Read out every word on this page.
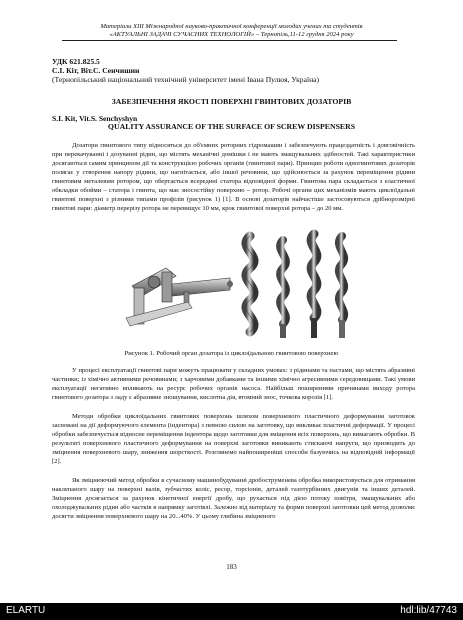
Матеріали XІІІ Міжнародної науково-практичної конференції молодих учених та студентів
«АКТУАЛЬНІ ЗАДАЧІ СУЧАСНИХ ТЕХНОЛОГІЙ» – Тернопіль,11-12 грудня 2024 року
УДК 621.825.5
С.І. Кіт, Віт.С. Сенчишин
(Тернопільський національний технічний університет імені Івана Пулюя, Україна)
ЗАБЕЗПЕЧЕННЯ ЯКОСТІ ПОВЕРХНІ ГВИНТОВИХ ДОЗАТОРІВ
S.I. Kit, Vit.S. Senchyshyn
QUALITY ASSURANCE OF THE SURFACE OF SCREW DISPENSERS

Дозатори гвинтового типу відносяться до об'ємних роторних гідромашин і забезпечують працездатність і довговічність при перекачуванні і дозуванні рідин, що містять механічні домішки і не мають змащувальних здібностей. Такі характеристики досягаються самим принципом дії та конструкцією робочих органів (гвинтової пари). Принцип роботи одногвинтових дозаторів полягає у створення напору рідини, що нагнітається, або іншої речовини, що здійснюється за рахунок переміщення рідини гвинтовим металевим ротором, що обертається всередині статора відповідної форми. Гвинтова пара складається з еластичної обкладки обойми – статора і гвинта, що має зносостійку поверхню – ротор. Робочі органи цих механізмів мають циклоїдальні гвинтові поверхні з різними типами профілів (рисунок 1) [1]. В основі дозаторів найчастіше застосовуються дрібнорозмірні гвинтові пари: діаметр перерізу ротора не перевищує 10 мм, крок гвинтової поверхні ротора – до 20 мм.

Рисунок 1. Робочий орган дозатора із циклоїдальною гвинтовою поверхнею

У процесі експлуатації гвинтові пари можуть працювати у складних умовах: з рідинами та пастами, що містять абразивні частинки; із хімічно активними речовинами; з харчовими добавками та іншими хімічно агресивними середовищами. Такі умови експлуатації негативно впливають на ресурс робочих органів насоса. Найбільш поширеними причинами виходу ротора гвинтового дозатора з ладу є абразивне зношування, кислотна дія, втомний знос, точкова корозія [1].

Методи обробки циклоїдальних гвинтових поверхонь шляхом поверхневого пластичного деформування заготовок засновані на дії деформуючого елемента (індентора) з певною силою на заготовку, що викликає пластичні деформації. У процесі обробки забезпечується відносне переміщення індентора щодо заготовки для зміщення всіх поверхонь, що вимагають обробки. В результаті поверхневого пластичного деформування на поверхні заготовки виникають стискаючі напруги, що призводить до зміцнення поверхневого шару, зниження шорсткості. Розглянемо найпоширеніші способи базуючись на відповідній інформації [2].

Як зміцнюючий метод обробки в сучасному машинобудуванні дробоструменева обробка використовується для отримання наклепаного шару на поверхні валів, зубчастих коліс, ресор, торсіонів, деталей газотурбінних двигунів та інших деталей. Зміцнення досягається за рахунок кінетичної енергії дробу, що рухається під дією потоку повітря, змащувальних або охолоджувальних рідин або частків в напрямку заготівлі. Залежно від матеріалу та форми поверхні заготовки цей метод дозволяє досягти зміцнення поверхневого шару на 20...40%. У цьому глибина зміцненого

183
ELARTU	hdl:lib/47743
